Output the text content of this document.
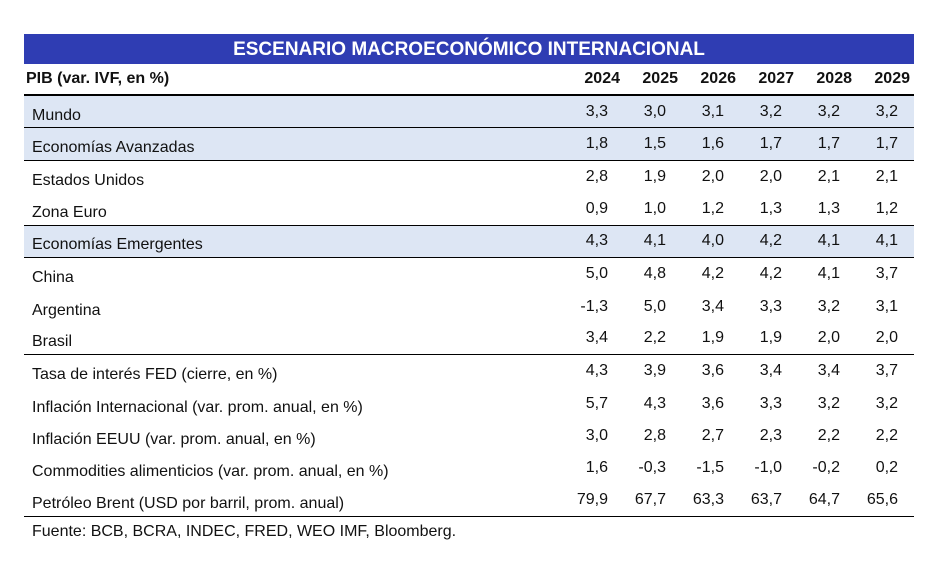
ESCENARIO MACROECONÓMICO INTERNACIONAL
PIB (var. IVF, en %)	2024	2025	2026	2027	2028	2029
Mundo	3,3	3,0	3,1	3,2	3,2	3,2
Economías Avanzadas	1,8	1,5	1,6	1,7	1,7	1,7
Estados Unidos	2,8	1,9	2,0	2,0	2,1	2,1
Zona Euro	0,9	1,0	1,2	1,3	1,3	1,2
Economías Emergentes	4,3	4,1	4,0	4,2	4,1	4,1
China	5,0	4,8	4,2	4,2	4,1	3,7
Argentina	-1,3	5,0	3,4	3,3	3,2	3,1
Brasil	3,4	2,2	1,9	1,9	2,0	2,0
Tasa de interés FED (cierre, en %)	4,3	3,9	3,6	3,4	3,4	3,7
Inflación Internacional (var. prom. anual, en %)	5,7	4,3	3,6	3,3	3,2	3,2
Inflación EEUU (var. prom. anual, en %)	3,0	2,8	2,7	2,3	2,2	2,2
Commodities alimenticios (var. prom. anual, en %)	1,6	-0,3	-1,5	-1,0	-0,2	0,2
Petróleo Brent (USD por barril, prom. anual)	79,9	67,7	63,3	63,7	64,7	65,6
Fuente: BCB, BCRA, INDEC, FRED, WEO IMF, Bloomberg.
